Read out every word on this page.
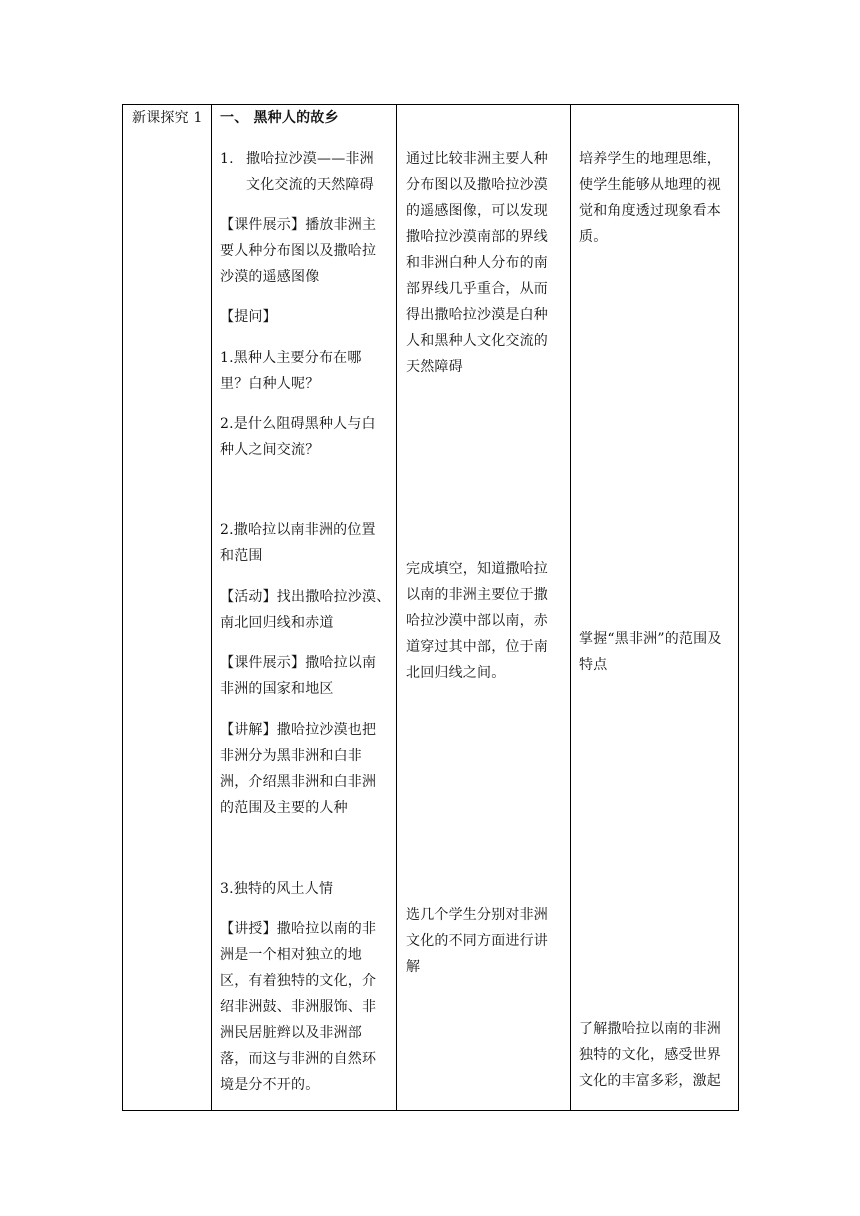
新课探究 1	一、 黑种人的故乡
1. 撒哈拉沙漠——非洲
文化交流的天然障碍
【课件展示】播放非洲主
要人种分布图以及撒哈拉
沙漠的遥感图像
【提问】
1.黑种人主要分布在哪
里？白种人呢？
2.是什么阻碍黑种人与白
种人之间交流？
2.撒哈拉以南非洲的位置
和范围
【活动】找出撒哈拉沙漠、
南北回归线和赤道
【课件展示】撒哈拉以南
非洲的国家和地区
【讲解】撒哈拉沙漠也把
非洲分为黑非洲和白非
洲，介绍黑非洲和白非洲
的范围及主要的人种
3.独特的风土人情
【讲授】撒哈拉以南的非
洲是一个相对独立的地
区，有着独特的文化，介
绍非洲鼓、非洲服饰、非
洲民居脏辫以及非洲部
落，而这与非洲的自然环
境是分不开的。

通过比较非洲主要人种
分布图以及撒哈拉沙漠
的遥感图像，可以发现
撒哈拉沙漠南部的界线
和非洲白种人分布的南
部界线几乎重合，从而
得出撒哈拉沙漠是白种
人和黑种人文化交流的
天然障碍
完成填空，知道撒哈拉
以南的非洲主要位于撒
哈拉沙漠中部以南，赤
道穿过其中部，位于南
北回归线之间。
选几个学生分别对非洲
文化的不同方面进行讲
解

培养学生的地理思维，
使学生能够从地理的视
觉和角度透过现象看本
质。
掌握“黑非洲”的范围及
特点
了解撒哈拉以南的非洲
独特的文化，感受世界
文化的丰富多彩，激起
